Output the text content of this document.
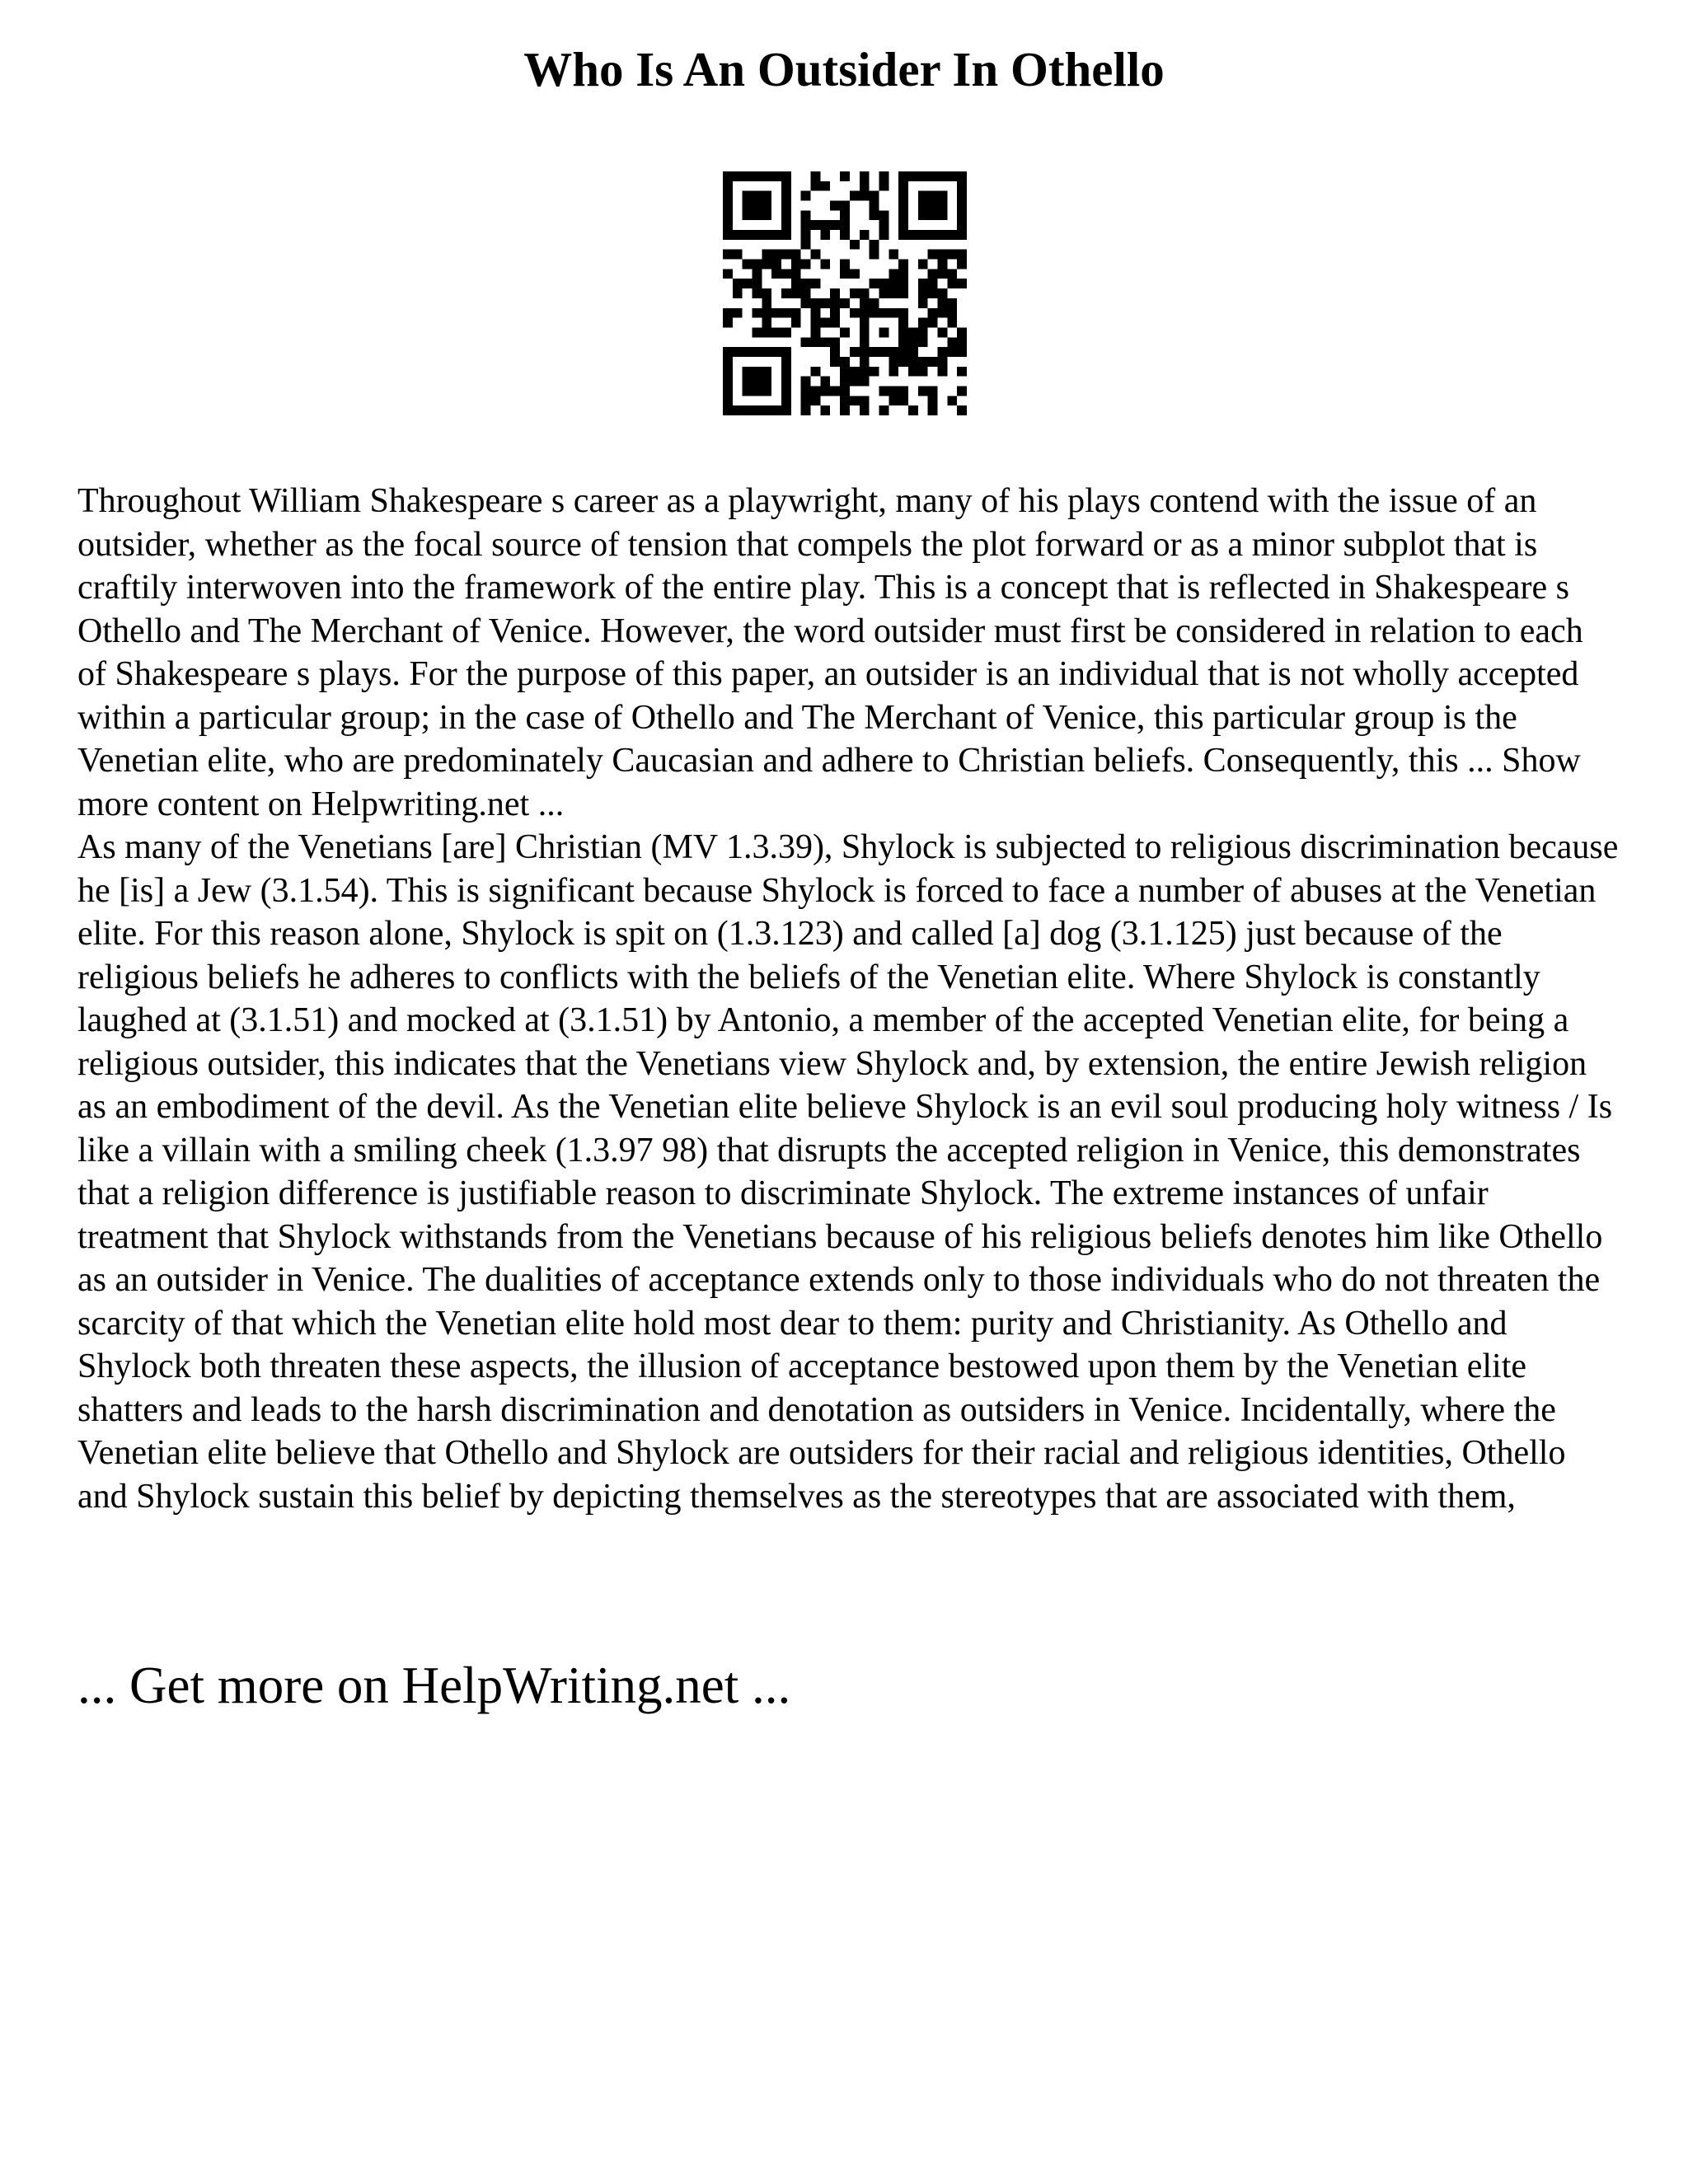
Who Is An Outsider In Othello

Throughout William Shakespeare s career as a playwright, many of his plays contend with the issue of an outsider, whether as the focal source of tension that compels the plot forward or as a minor subplot that is craftily interwoven into the framework of the entire play. This is a concept that is reflected in Shakespeare s Othello and The Merchant of Venice. However, the word outsider must first be considered in relation to each of Shakespeare s plays. For the purpose of this paper, an outsider is an individual that is not wholly accepted within a particular group; in the case of Othello and The Merchant of Venice, this particular group is the Venetian elite, who are predominately Caucasian and adhere to Christian beliefs. Consequently, this ... Show more content on Helpwriting.net ...

As many of the Venetians [are] Christian (MV 1.3.39), Shylock is subjected to religious discrimination because he [is] a Jew (3.1.54). This is significant because Shylock is forced to face a number of abuses at the Venetian elite. For this reason alone, Shylock is spit on (1.3.123) and called [a] dog (3.1.125) just because of the religious beliefs he adheres to conflicts with the beliefs of the Venetian elite. Where Shylock is constantly laughed at (3.1.51) and mocked at (3.1.51) by Antonio, a member of the accepted Venetian elite, for being a religious outsider, this indicates that the Venetians view Shylock and, by extension, the entire Jewish religion as an embodiment of the devil. As the Venetian elite believe Shylock is an evil soul producing holy witness / Is like a villain with a smiling cheek (1.3.97 98) that disrupts the accepted religion in Venice, this demonstrates that a religion difference is justifiable reason to discriminate Shylock. The extreme instances of unfair treatment that Shylock withstands from the Venetians because of his religious beliefs denotes him like Othello as an outsider in Venice. The dualities of acceptance extends only to those individuals who do not threaten the scarcity of that which the Venetian elite hold most dear to them: purity and Christianity. As Othello and Shylock both threaten these aspects, the illusion of acceptance bestowed upon them by the Venetian elite shatters and leads to the harsh discrimination and denotation as outsiders in Venice. Incidentally, where the Venetian elite believe that Othello and Shylock are outsiders for their racial and religious identities, Othello and Shylock sustain this belief by depicting themselves as the stereotypes that are associated with them,

... Get more on HelpWriting.net ...
